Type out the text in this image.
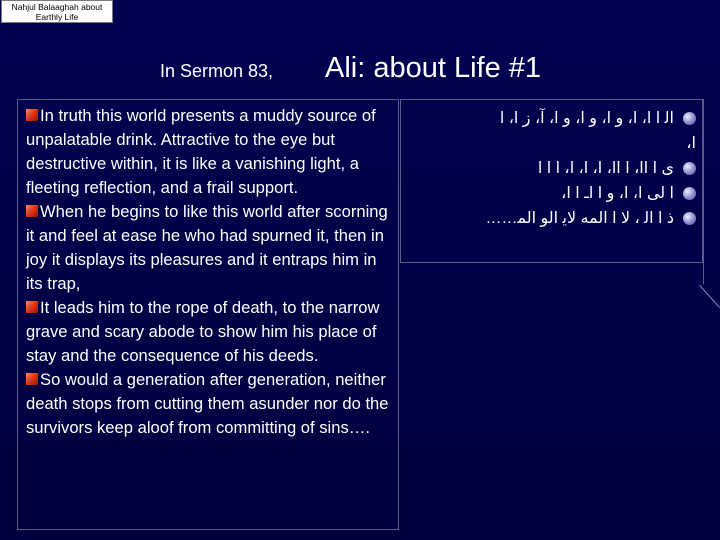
Nahjul Balaaghah about
Earthly Life
In Sermon 83, Ali: about Life #1

In truth this world presents a muddy source of unpalatable drink. Attractive to the eye but destructive within, it is like a vanishing light, a fleeting reflection, and a frail support.

When he begins to like this world after scorning it and feel at ease he who had spurned it, then in joy it displays its pleasures and it entraps him in its trap,

It leads him to the rope of death, to the narrow grave and scary abode to show him his place of stay and the consequence of his deeds.

So would a generation after generation, neither death stops from cutting them asunder nor do the survivors keep aloof from committing of sins….

ﺍﻟ ﺍ ﺍ، ﺍ، ﻭ ﺍ، ﻭ ﺍ، ﻭ ﺍ، ﺁ، ﺯ ﺍ، ﺍ
ﺍ،
ﻯ ﺍ ﺍﺍ، ﺍ ﺍﺍ، ﺍ، ﺍ، ﺍ، ﺍ ﺍ ﺍ
ﺍ ﻟﻰ ﺍ، ﺍ، ﻭ ﺍ ﺍـ ﺍ ﺍ،
ﺫ ﺍ ﺍﻟ ، ﻻ ﺍ ﺍﻟﻤﻪ ﻻﻳ ﺍﻟﻮ ﺍﻟﻤ……
